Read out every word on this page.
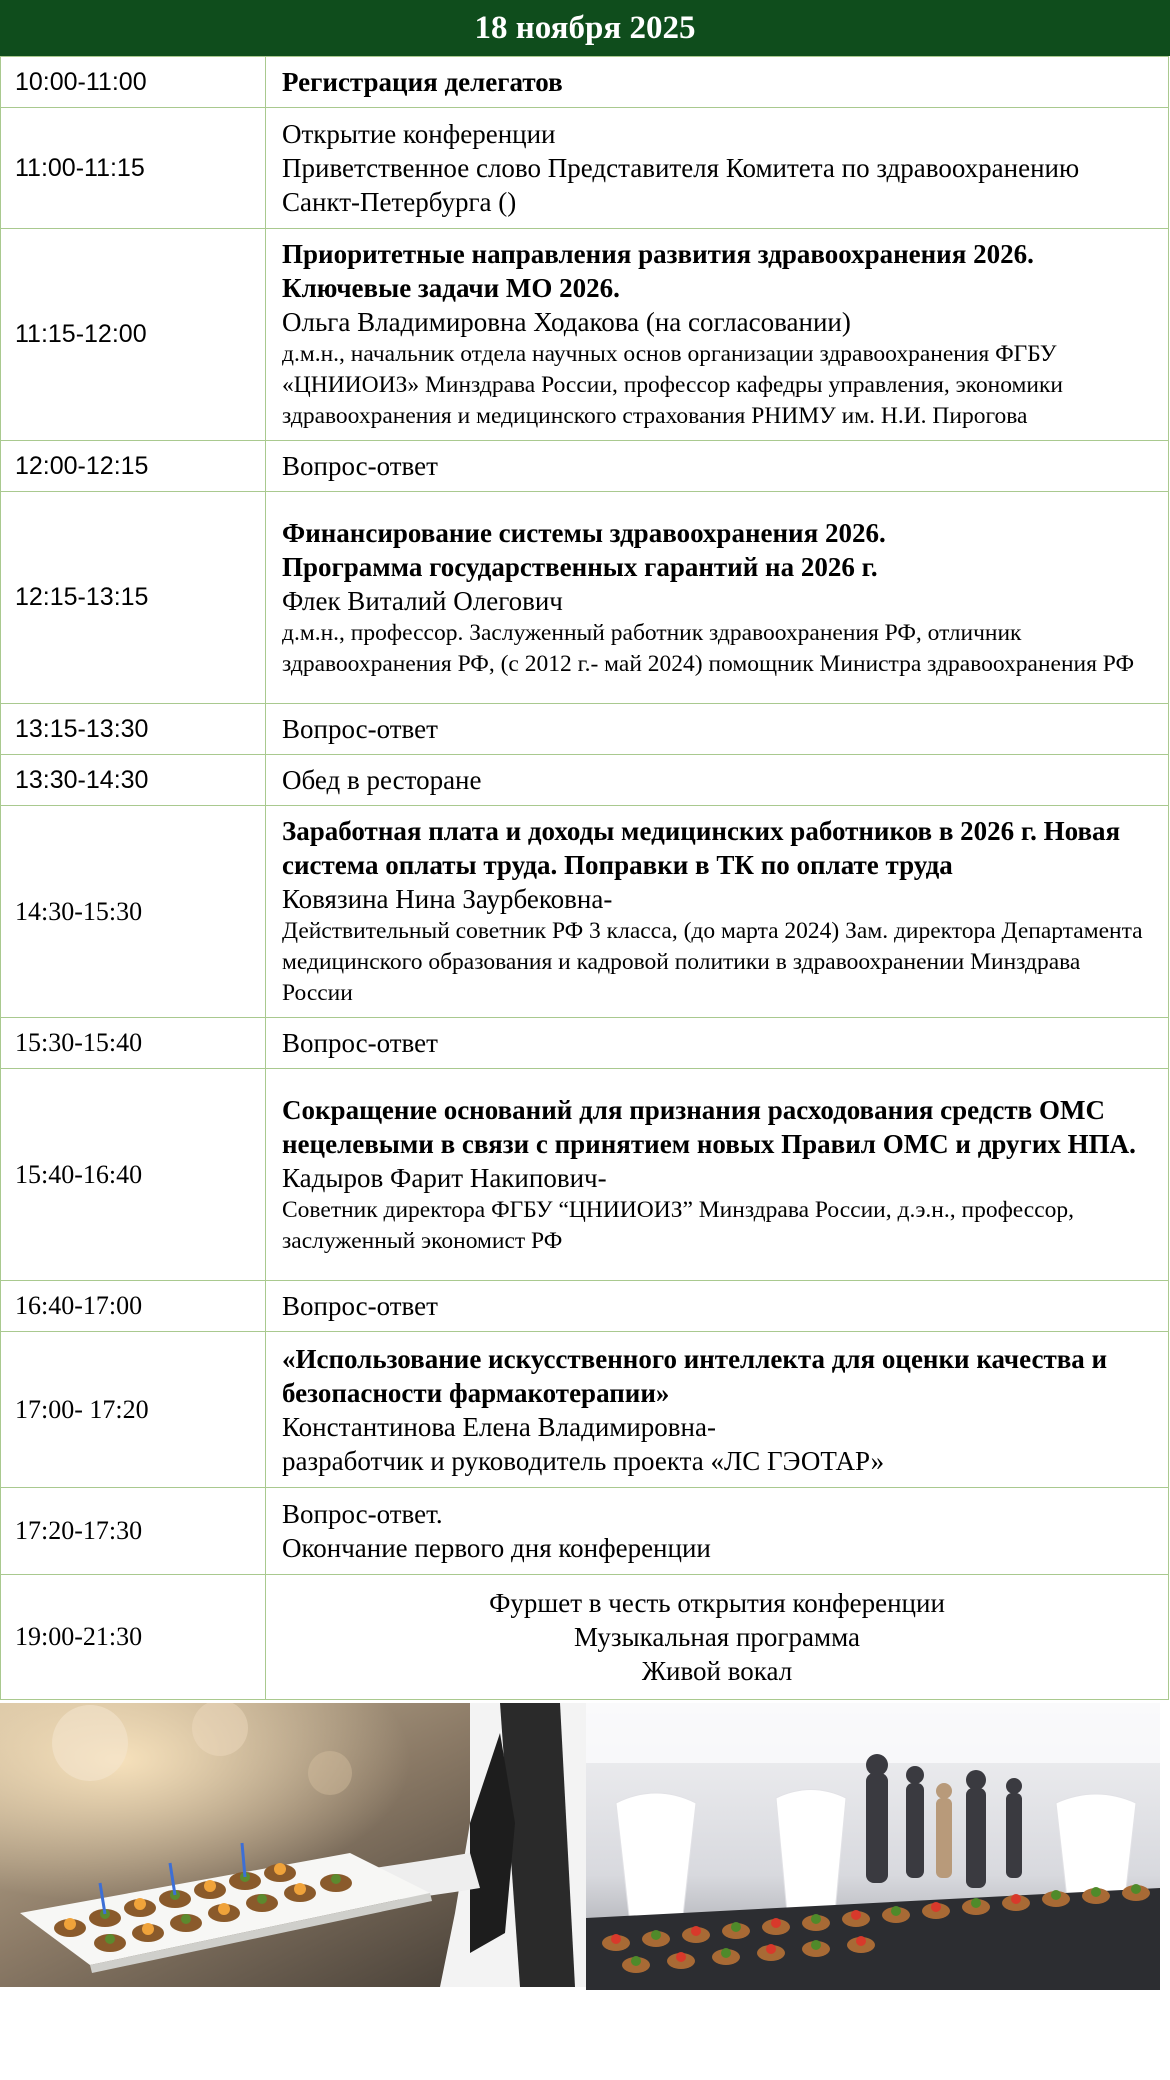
18 ноября 2025
10:00-11:00	Регистрация делегатов

11:00-11:15	Открытие конференции
Приветственное слово Представителя Комитета по здравоохранению
Санкт-Петербурга ()

11:15-12:00	Приоритетные направления развития здравоохранения 2026.
Ключевые задачи МО 2026.
Ольга Владимировна Ходакова (на согласовании)
д.м.н., начальник отдела научных основ организации здравоохранения ФГБУ «ЦНИИОИЗ» Минздрава России, профессор кафедры управления, экономики здравоохранения и медицинского страхования РНИМУ им. Н.И. Пирогова

12:00-12:15	Вопрос-ответ

12:15-13:15	Финансирование системы здравоохранения 2026.
Программа государственных гарантий на 2026 г.
Флек Виталий Олегович
д.м.н., профессор. Заслуженный работник здравоохранения РФ, отличник здравоохранения РФ, (с 2012 г.- май 2024) помощник Министра здравоохранения РФ

13:15-13:30	Вопрос-ответ

13:30-14:30	Обед в ресторане

14:30-15:30	Заработная плата и доходы медицинских работников в 2026 г. Новая система оплаты труда. Поправки в ТК по оплате труда
Ковязина Нина Заурбековна-
Действительный советник РФ 3 класса, (до марта 2024) Зам. директора Департамента медицинского образования и кадровой политики в здравоохранении Минздрава России

15:30-15:40	Вопрос-ответ

15:40-16:40	Сокращение оснований для признания расходования средств ОМС нецелевыми в связи с принятием новых Правил ОМС и других НПА.
Кадыров Фарит Накипович-
Советник директора ФГБУ “ЦНИИОИЗ” Минздрава России, д.э.н., профессор, заслуженный экономист РФ

16:40-17:00	Вопрос-ответ

17:00- 17:20	«Использование искусственного интеллекта для оценки качества и безопасности фармакотерапии»
Константинова Елена Владимировна-
разработчик и руководитель проекта «ЛС ГЭОТАР»

17:20-17:30	Вопрос-ответ.
Окончание первого дня конференции

19:00-21:30	Фуршет в честь открытия конференции
Музыкальная программа
Живой вокал
